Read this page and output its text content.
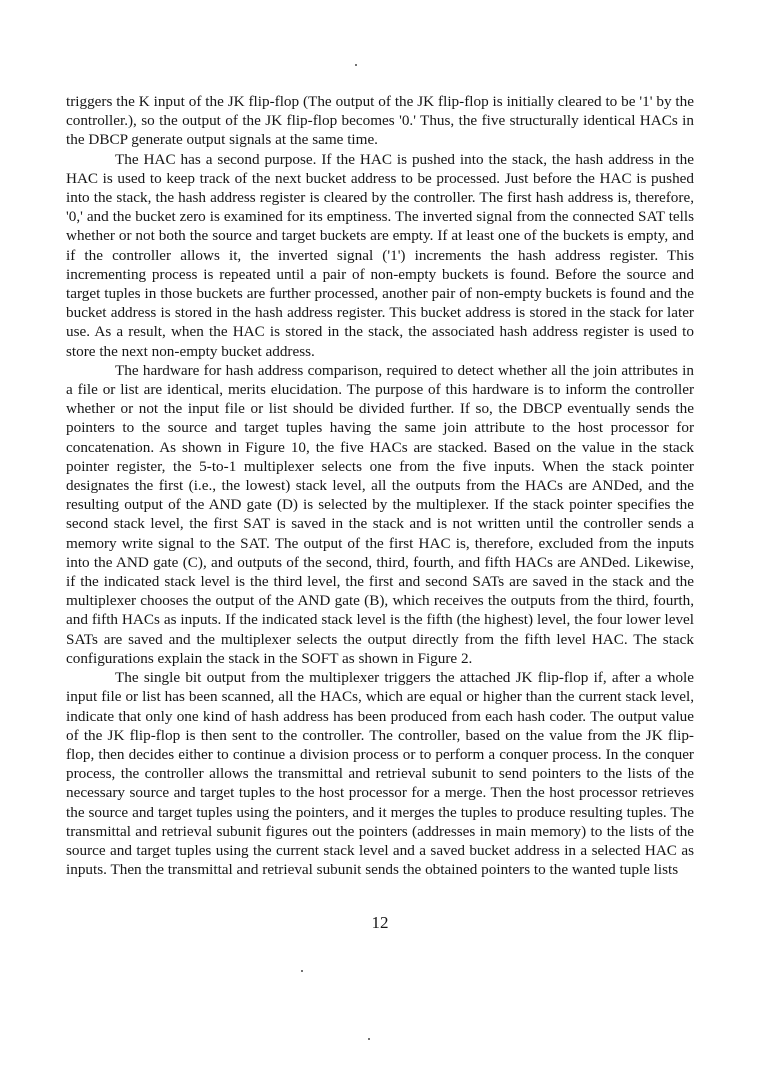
triggers the K input of the JK flip-flop (The output of the JK flip-flop is initially cleared to be '1' by the controller.), so the output of the JK flip-flop becomes '0.' Thus, the five structurally identical HACs in the DBCP generate output signals at the same time.

The HAC has a second purpose. If the HAC is pushed into the stack, the hash address in the HAC is used to keep track of the next bucket address to be processed. Just before the HAC is pushed into the stack, the hash address register is cleared by the controller. The first hash address is, therefore, '0,' and the bucket zero is examined for its emptiness. The inverted signal from the connected SAT tells whether or not both the source and target buckets are empty. If at least one of the buckets is empty, and if the controller allows it, the inverted signal ('1') increments the hash address register. This incrementing process is repeated until a pair of non-empty buckets is found. Before the source and target tuples in those buckets are further processed, another pair of non-empty buckets is found and the bucket address is stored in the hash address register. This bucket address is stored in the stack for later use. As a result, when the HAC is stored in the stack, the associated hash address register is used to store the next non-empty bucket address.

The hardware for hash address comparison, required to detect whether all the join attributes in a file or list are identical, merits elucidation. The purpose of this hardware is to inform the controller whether or not the input file or list should be divided further. If so, the DBCP eventually sends the pointers to the source and target tuples having the same join attribute to the host processor for concatenation. As shown in Figure 10, the five HACs are stacked. Based on the value in the stack pointer register, the 5-to-1 multiplexer selects one from the five inputs. When the stack pointer designates the first (i.e., the lowest) stack level, all the outputs from the HACs are ANDed, and the resulting output of the AND gate (D) is selected by the multiplexer. If the stack pointer specifies the second stack level, the first SAT is saved in the stack and is not written until the controller sends a memory write signal to the SAT. The output of the first HAC is, therefore, excluded from the inputs into the AND gate (C), and outputs of the second, third, fourth, and fifth HACs are ANDed. Likewise, if the indicated stack level is the third level, the first and second SATs are saved in the stack and the multiplexer chooses the output of the AND gate (B), which receives the outputs from the third, fourth, and fifth HACs as inputs. If the indicated stack level is the fifth (the highest) level, the four lower level SATs are saved and the multiplexer selects the output directly from the fifth level HAC. The stack configurations explain the stack in the SOFT as shown in Figure 2.

The single bit output from the multiplexer triggers the attached JK flip-flop if, after a whole input file or list has been scanned, all the HACs, which are equal or higher than the current stack level, indicate that only one kind of hash address has been produced from each hash coder. The output value of the JK flip-flop is then sent to the controller. The controller, based on the value from the JK flip-flop, then decides either to continue a division process or to perform a conquer process. In the conquer process, the controller allows the transmittal and retrieval subunit to send pointers to the lists of the necessary source and target tuples to the host processor for a merge. Then the host processor retrieves the source and target tuples using the pointers, and it merges the tuples to produce resulting tuples. The transmittal and retrieval subunit figures out the pointers (addresses in main memory) to the lists of the source and target tuples using the current stack level and a saved bucket address in a selected HAC as inputs. Then the transmittal and retrieval subunit sends the obtained pointers to the wanted tuple lists

12
